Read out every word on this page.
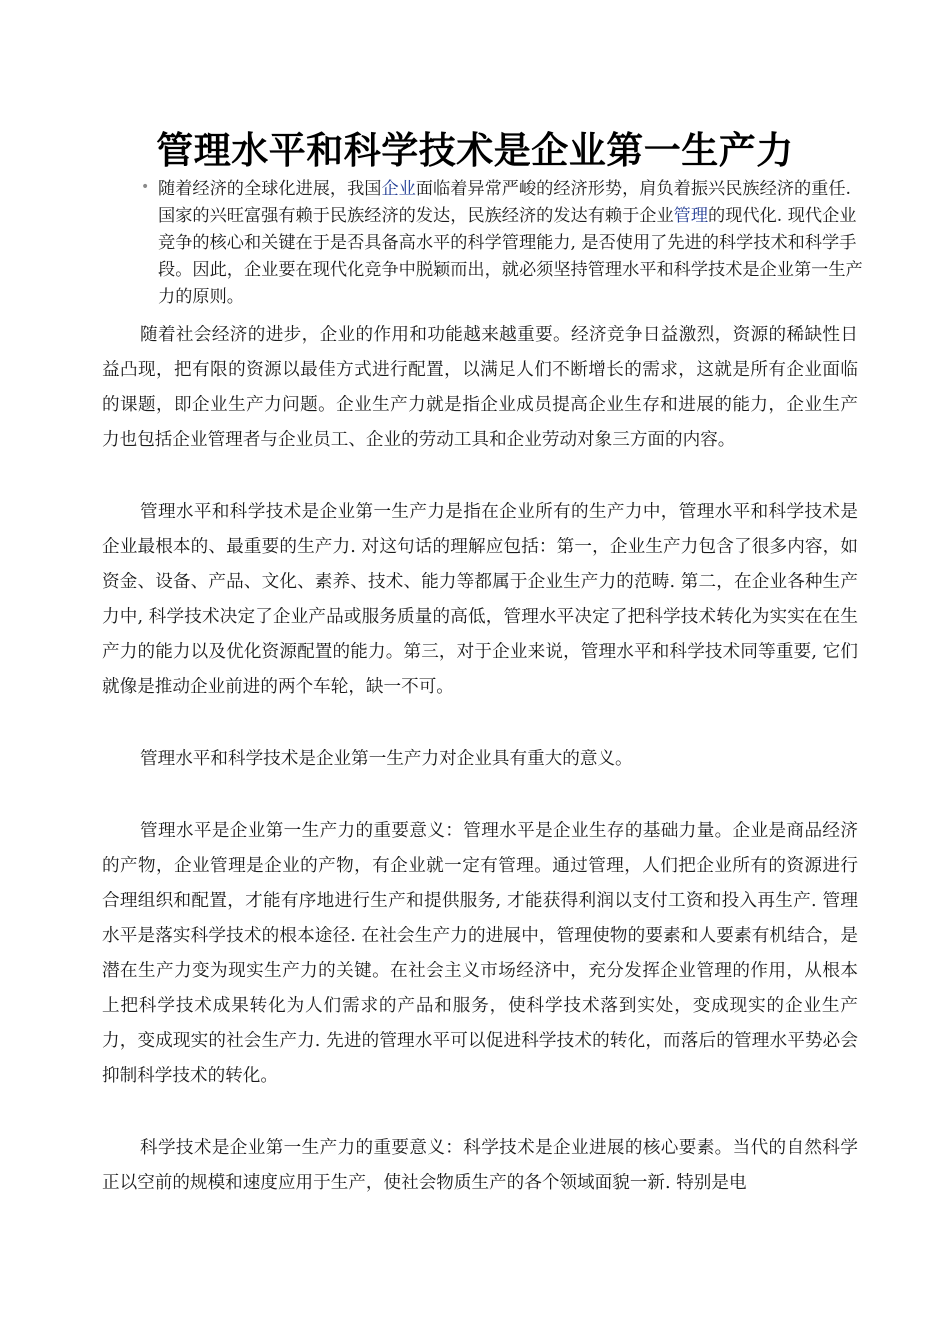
管理水平和科学技术是企业第一生产力
• 随着经济的全球化进展，我国企业面临着异常严峻的经济形势，肩负着振兴民族经济的重任. 国家的兴旺富强有赖于民族经济的发达，民族经济的发达有赖于企业管理的现代化. 现代企业竞争的核心和关键在于是否具备高水平的科学管理能力, 是否使用了先进的科学技术和科学手段。因此，企业要在现代化竞争中脱颖而出，就必须坚持管理水平和科学技术是企业第一生产力的原则。

随着社会经济的进步，企业的作用和功能越来越重要。经济竞争日益激烈，资源的稀缺性日益凸现，把有限的资源以最佳方式进行配置，以满足人们不断增长的需求，这就是所有企业面临的课题，即企业生产力问题。企业生产力就是指企业成员提高企业生存和进展的能力，企业生产力也包括企业管理者与企业员工、企业的劳动工具和企业劳动对象三方面的内容。

管理水平和科学技术是企业第一生产力是指在企业所有的生产力中，管理水平和科学技术是企业最根本的、最重要的生产力. 对这句话的理解应包括：第一，企业生产力包含了很多内容，如资金、设备、产品、文化、素养、技术、能力等都属于企业生产力的范畴. 第二，在企业各种生产力中, 科学技术决定了企业产品或服务质量的高低，管理水平决定了把科学技术转化为实实在在生产力的能力以及优化资源配置的能力。第三，对于企业来说，管理水平和科学技术同等重要, 它们就像是推动企业前进的两个车轮，缺一不可。

管理水平和科学技术是企业第一生产力对企业具有重大的意义。

管理水平是企业第一生产力的重要意义：管理水平是企业生存的基础力量。企业是商品经济的产物，企业管理是企业的产物，有企业就一定有管理。通过管理，人们把企业所有的资源进行合理组织和配置，才能有序地进行生产和提供服务, 才能获得利润以支付工资和投入再生产. 管理水平是落实科学技术的根本途径. 在社会生产力的进展中，管理使物的要素和人要素有机结合，是潜在生产力变为现实生产力的关键。在社会主义市场经济中，充分发挥企业管理的作用，从根本上把科学技术成果转化为人们需求的产品和服务，使科学技术落到实处，变成现实的企业生产力，变成现实的社会生产力. 先进的管理水平可以促进科学技术的转化，而落后的管理水平势必会抑制科学技术的转化。

科学技术是企业第一生产力的重要意义：科学技术是企业进展的核心要素。当代的自然科学正以空前的规模和速度应用于生产，使社会物质生产的各个领域面貌一新. 特别是电
